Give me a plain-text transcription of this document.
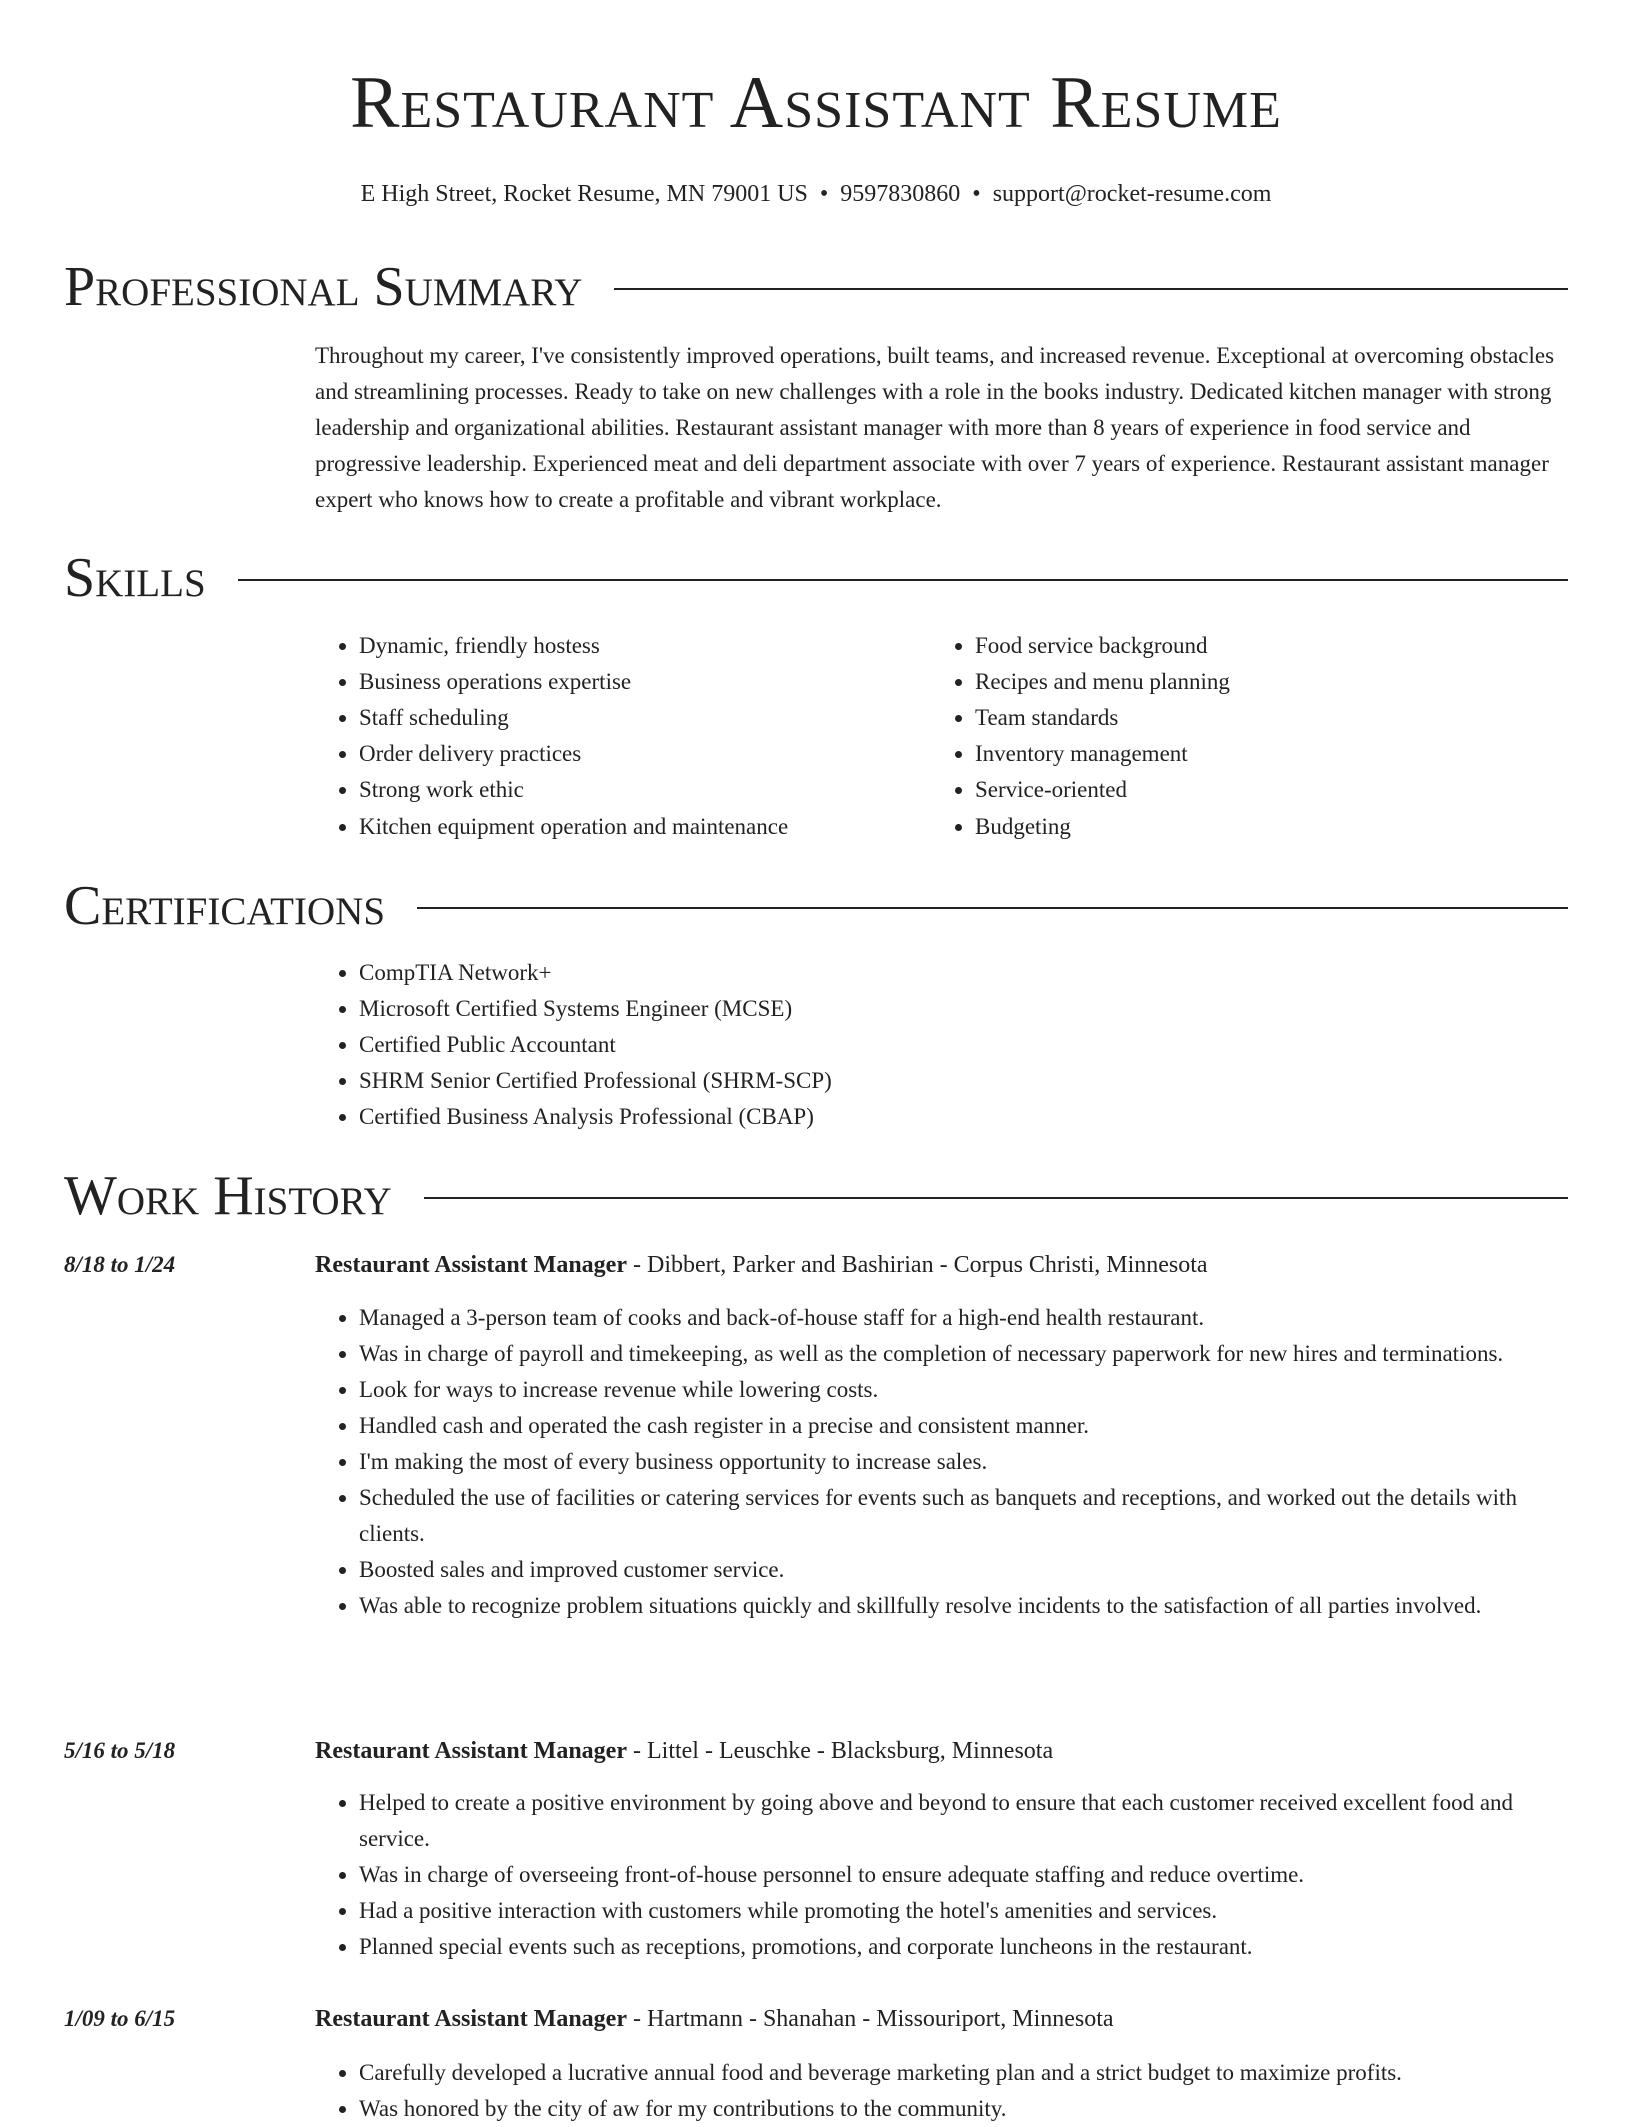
Restaurant Assistant Resume
E High Street, Rocket Resume, MN 79001 US • 9597830860 • support@rocket-resume.com
Professional Summary

Throughout my career, I've consistently improved operations, built teams, and increased revenue. Exceptional at overcoming obstacles and streamlining processes. Ready to take on new challenges with a role in the books industry. Dedicated kitchen manager with strong leadership and organizational abilities. Restaurant assistant manager with more than 8 years of experience in food service and progressive leadership. Experienced meat and deli department associate with over 7 years of experience. Restaurant assistant manager expert who knows how to create a profitable and vibrant workplace.

Skills
• Dynamic, friendly hostess
• Business operations expertise
• Staff scheduling
• Order delivery practices
• Strong work ethic
• Kitchen equipment operation and maintenance
• Food service background
• Recipes and menu planning
• Team standards
• Inventory management
• Service-oriented
• Budgeting
Certifications
• CompTIA Network+
• Microsoft Certified Systems Engineer (MCSE)
• Certified Public Accountant
• SHRM Senior Certified Professional (SHRM-SCP)
• Certified Business Analysis Professional (CBAP)
Work History
8/18 to 1/24	Restaurant Assistant Manager - Dibbert, Parker and Bashirian - Corpus Christi, Minnesota
• Managed a 3-person team of cooks and back-of-house staff for a high-end health restaurant.
• Was in charge of payroll and timekeeping, as well as the completion of necessary paperwork for new hires and terminations.
• Look for ways to increase revenue while lowering costs.
• Handled cash and operated the cash register in a precise and consistent manner.
• I'm making the most of every business opportunity to increase sales.
• Scheduled the use of facilities or catering services for events such as banquets and receptions, and worked out the details with clients.
• Boosted sales and improved customer service.
• Was able to recognize problem situations quickly and skillfully resolve incidents to the satisfaction of all parties involved.
5/16 to 5/18	Restaurant Assistant Manager - Littel - Leuschke - Blacksburg, Minnesota
• Helped to create a positive environment by going above and beyond to ensure that each customer received excellent food and service.
• Was in charge of overseeing front-of-house personnel to ensure adequate staffing and reduce overtime.
• Had a positive interaction with customers while promoting the hotel's amenities and services.
• Planned special events such as receptions, promotions, and corporate luncheons in the restaurant.
1/09 to 6/15	Restaurant Assistant Manager - Hartmann - Shanahan - Missouriport, Minnesota
• Carefully developed a lucrative annual food and beverage marketing plan and a strict budget to maximize profits.
• Was honored by the city of aw for my contributions to the community.
